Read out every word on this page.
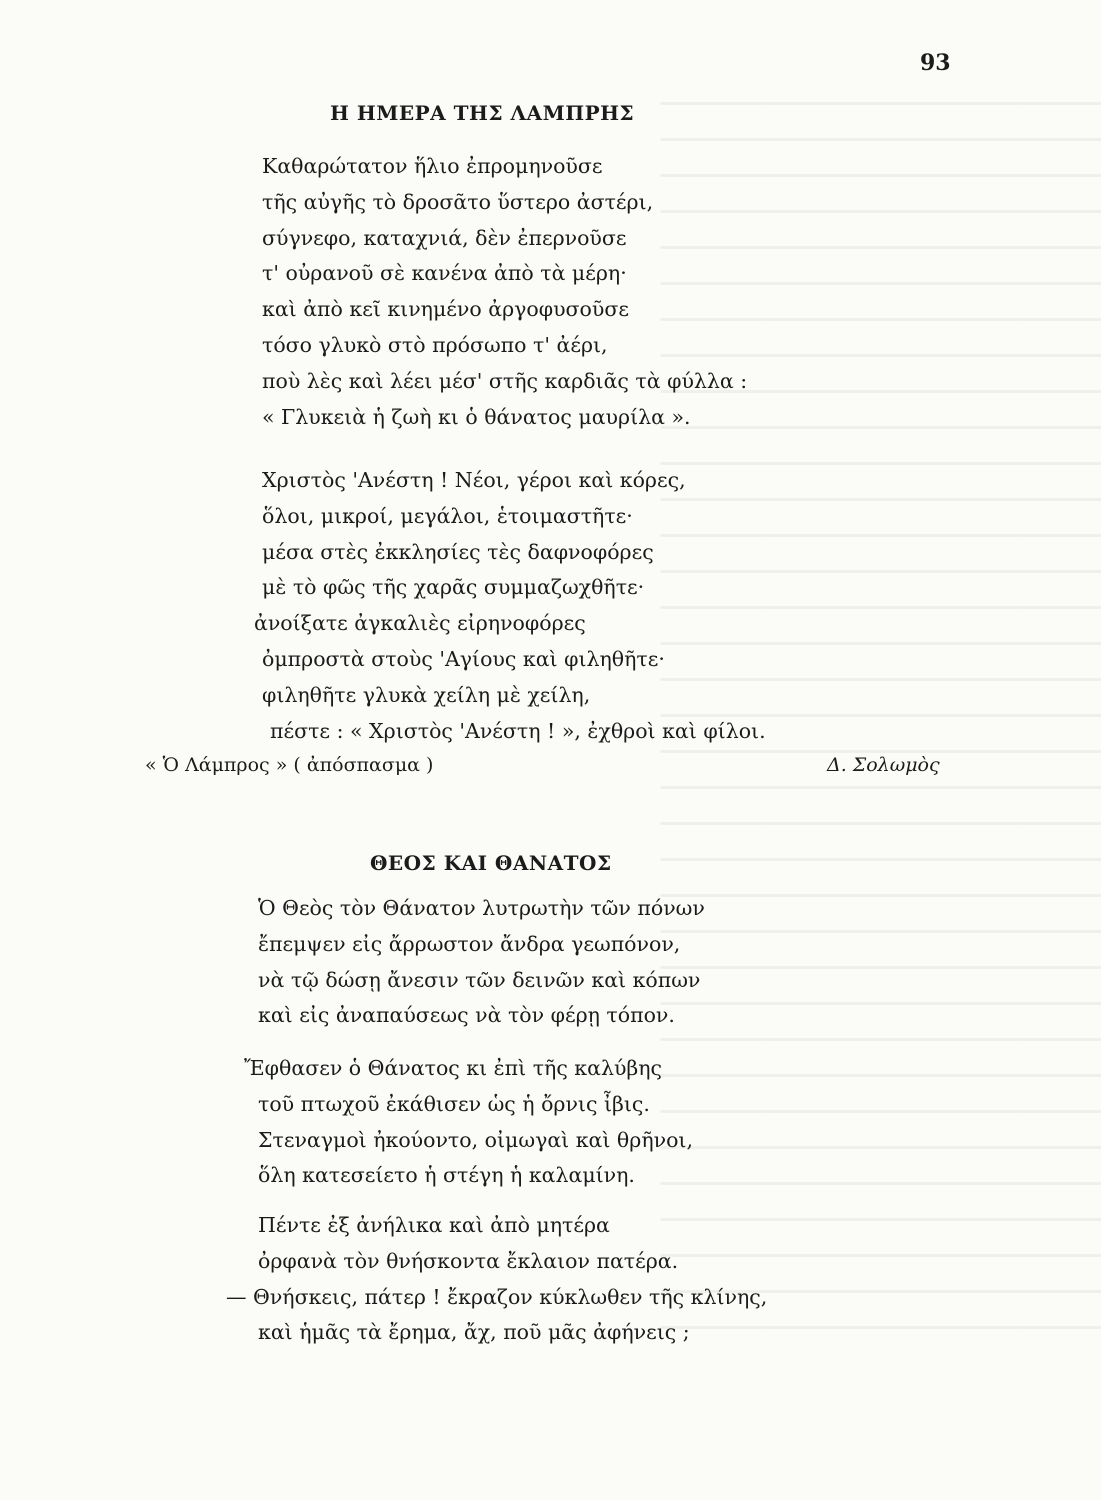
93
Η ΗΜΕΡΑ ΤΗΣ ΛΑΜΠΡΗΣ
Καθαρώτατον ἥλιο ἐπρομηνοῦσε
τῆς αὐγῆς τὸ δροσᾶτο ὕστερο ἀστέρι,
σύγνεφο, καταχνιά, δὲν ἐπερνοῦσε
τ' οὐρανοῦ σὲ κανένα ἀπὸ τὰ μέρη·
καὶ ἀπὸ κεῖ κινημένο ἀργοφυσοῦσε
τόσο γλυκὸ στὸ πρόσωπο τ' ἀέρι,
ποὺ λὲς καὶ λέει μέσ' στῆς καρδιᾶς τὰ φύλλα :
« Γλυκειὰ ἡ ζωὴ κι ὁ θάνατος μαυρίλα ».
Χριστὸς 'Ανέστη ! Νέοι, γέροι καὶ κόρες,
ὅλοι, μικροί, μεγάλοι, ἑτοιμαστῆτε·
μέσα στὲς ἐκκλησίες τὲς δαφνοφόρες
μὲ τὸ φῶς τῆς χαρᾶς συμμαζωχθῆτε·
ἀνοίξατε ἀγκαλιὲς εἰρηνοφόρες
ὀμπροστὰ στοὺς 'Αγίους καὶ φιληθῆτε·
φιληθῆτε γλυκὰ χείλη μὲ χείλη,
πέστε : « Χριστὸς 'Ανέστη ! », ἐχθροὶ καὶ φίλοι.
« Ὁ Λάμπρος » ( ἀπόσπασμα )	Δ. Σολωμὸς
ΘΕΟΣ ΚΑΙ ΘΑΝΑΤΟΣ
Ὁ Θεὸς τὸν Θάνατον λυτρωτὴν τῶν πόνων
ἔπεμψεν εἰς ἄρρωστον ἄνδρα γεωπόνον,
νὰ τῷ δώσῃ ἄνεσιν τῶν δεινῶν καὶ κόπων
καὶ εἰς ἀναπαύσεως νὰ τὸν φέρῃ τόπον.
Ἔφθασεν ὁ Θάνατος κι ἐπὶ τῆς καλύβης
τοῦ πτωχοῦ ἐκάθισεν ὡς ἡ ὄρνις ἶβις.
Στεναγμοὶ ἠκούοντο, οἰμωγαὶ καὶ θρῆνοι,
ὅλη κατεσείετο ἡ στέγη ἡ καλαμίνη.
Πέντε ἐξ ἀνήλικα καὶ ἀπὸ μητέρα
ὀρφανὰ τὸν θνήσκοντα ἔκλαιον πατέρα.
— Θνήσκεις, πάτερ ! ἔκραζον κύκλωθεν τῆς κλίνης,
καὶ ἡμᾶς τὰ ἔρημα, ἄχ, ποῦ μᾶς ἀφήνεις ;
